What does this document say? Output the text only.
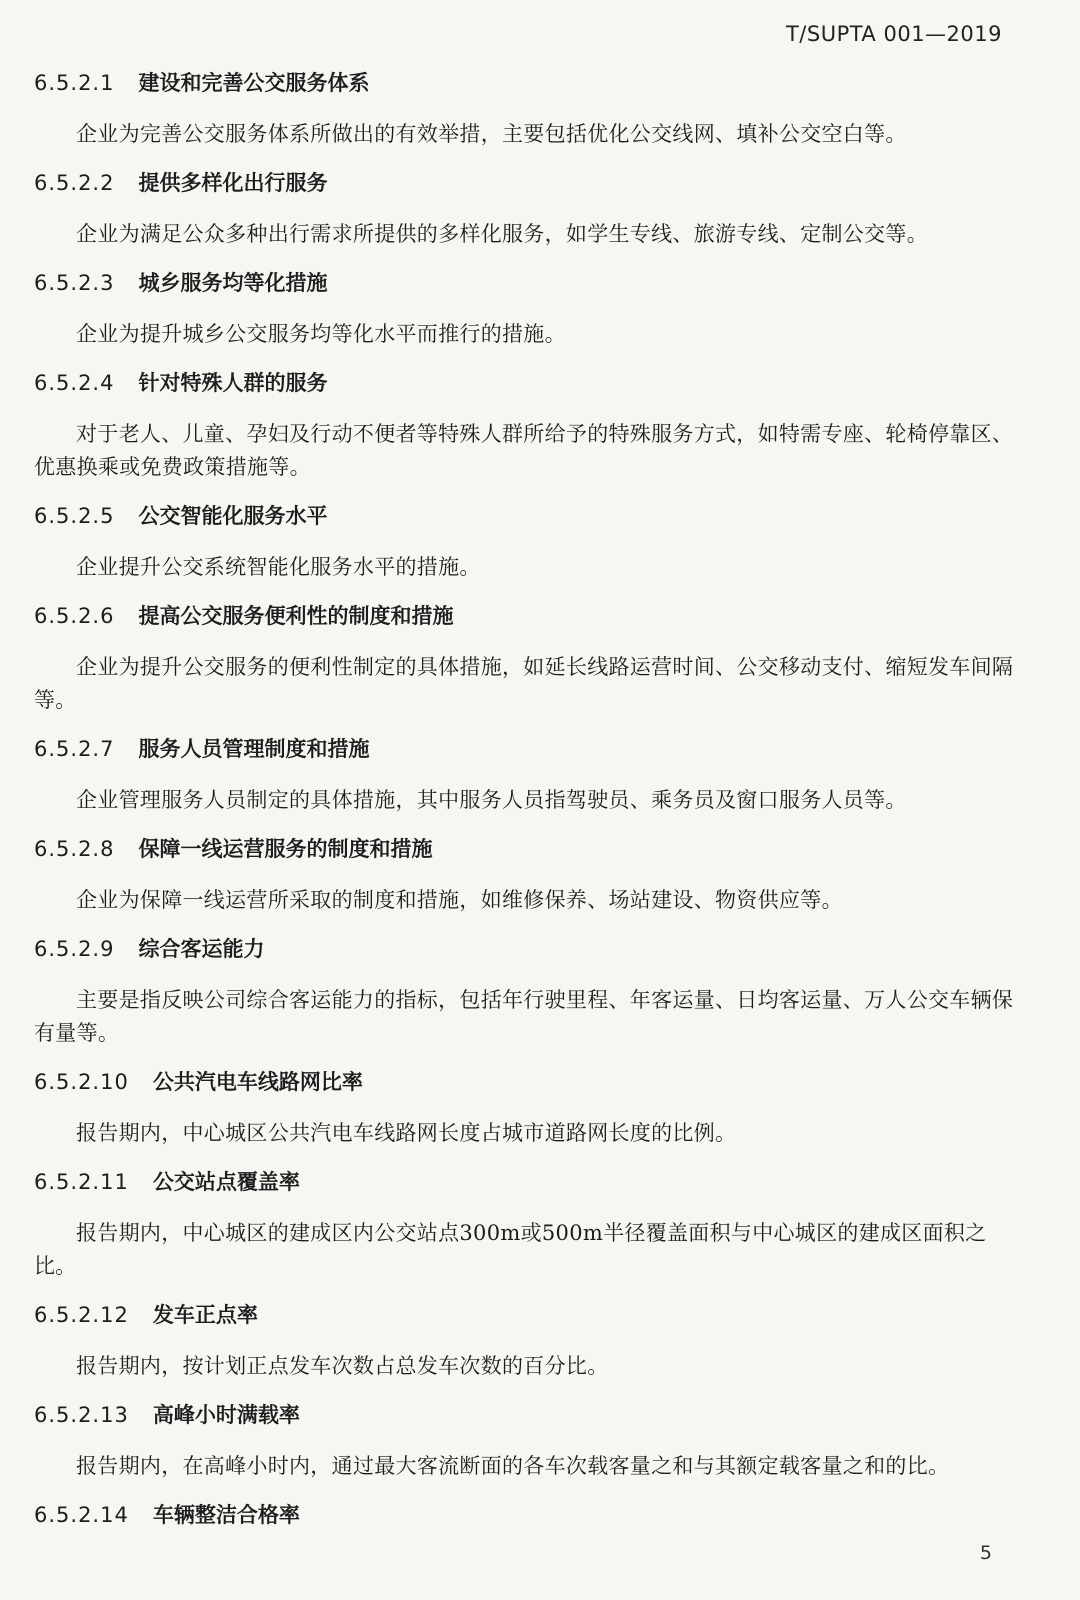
T/SUPTA 001—2019
6.5.2.1 建设和完善公交服务体系

企业为完善公交服务体系所做出的有效举措，主要包括优化公交线网、填补公交空白等。

6.5.2.2 提供多样化出行服务

企业为满足公众多种出行需求所提供的多样化服务，如学生专线、旅游专线、定制公交等。

6.5.2.3 城乡服务均等化措施

企业为提升城乡公交服务均等化水平而推行的措施。

6.5.2.4 针对特殊人群的服务

对于老人、儿童、孕妇及行动不便者等特殊人群所给予的特殊服务方式，如特需专座、轮椅停靠区、优惠换乘或免费政策措施等。

6.5.2.5 公交智能化服务水平

企业提升公交系统智能化服务水平的措施。

6.5.2.6 提高公交服务便利性的制度和措施

企业为提升公交服务的便利性制定的具体措施，如延长线路运营时间、公交移动支付、缩短发车间隔等。

6.5.2.7 服务人员管理制度和措施

企业管理服务人员制定的具体措施，其中服务人员指驾驶员、乘务员及窗口服务人员等。

6.5.2.8 保障一线运营服务的制度和措施

企业为保障一线运营所采取的制度和措施，如维修保养、场站建设、物资供应等。

6.5.2.9 综合客运能力

主要是指反映公司综合客运能力的指标，包括年行驶里程、年客运量、日均客运量、万人公交车辆保有量等。

6.5.2.10 公共汽电车线路网比率

报告期内，中心城区公共汽电车线路网长度占城市道路网长度的比例。

6.5.2.11 公交站点覆盖率

报告期内，中心城区的建成区内公交站点300m或500m半径覆盖面积与中心城区的建成区面积之比。

6.5.2.12 发车正点率

报告期内，按计划正点发车次数占总发车次数的百分比。

6.5.2.13 高峰小时满载率

报告期内，在高峰小时内，通过最大客流断面的各车次载客量之和与其额定载客量之和的比。

6.5.2.14 车辆整洁合格率
5
